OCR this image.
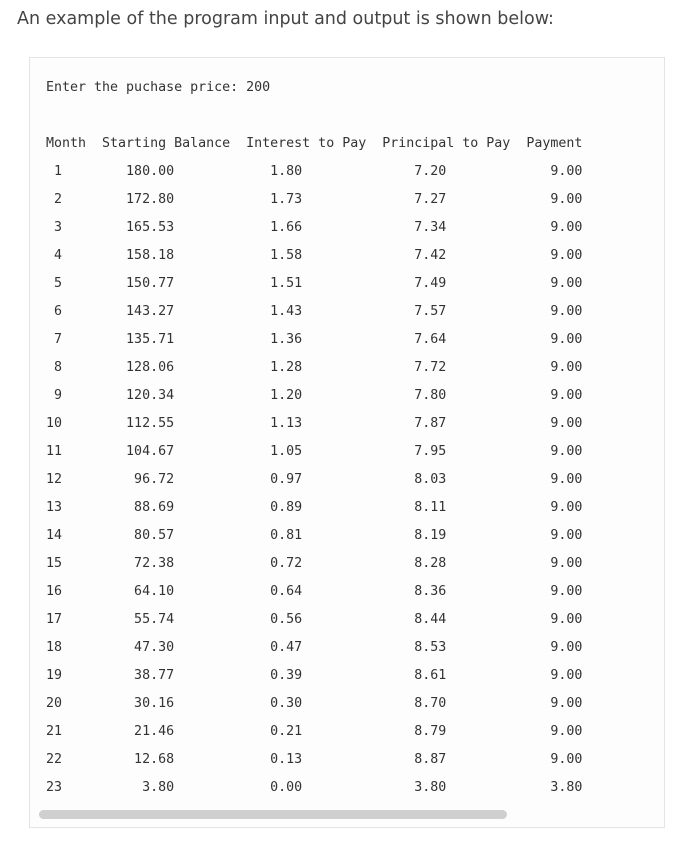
An example of the program input and output is shown below:

Enter the puchase price: 200
Month  Starting Balance  Interest to Pay  Principal to Pay  Payment
1        180.00            1.80              7.20             9.00
2        172.80            1.73              7.27             9.00
3        165.53            1.66              7.34             9.00
4        158.18            1.58              7.42             9.00
5        150.77            1.51              7.49             9.00
6        143.27            1.43              7.57             9.00
7        135.71            1.36              7.64             9.00
8        128.06            1.28              7.72             9.00
9        120.34            1.20              7.80             9.00
10        112.55            1.13              7.87             9.00
11        104.67            1.05              7.95             9.00
12         96.72            0.97              8.03             9.00
13         88.69            0.89              8.11             9.00
14         80.57            0.81              8.19             9.00
15         72.38            0.72              8.28             9.00
16         64.10            0.64              8.36             9.00
17         55.74            0.56              8.44             9.00
18         47.30            0.47              8.53             9.00
19         38.77            0.39              8.61             9.00
20         30.16            0.30              8.70             9.00
21         21.46            0.21              8.79             9.00
22         12.68            0.13              8.87             9.00
23          3.80            0.00              3.80             3.80
